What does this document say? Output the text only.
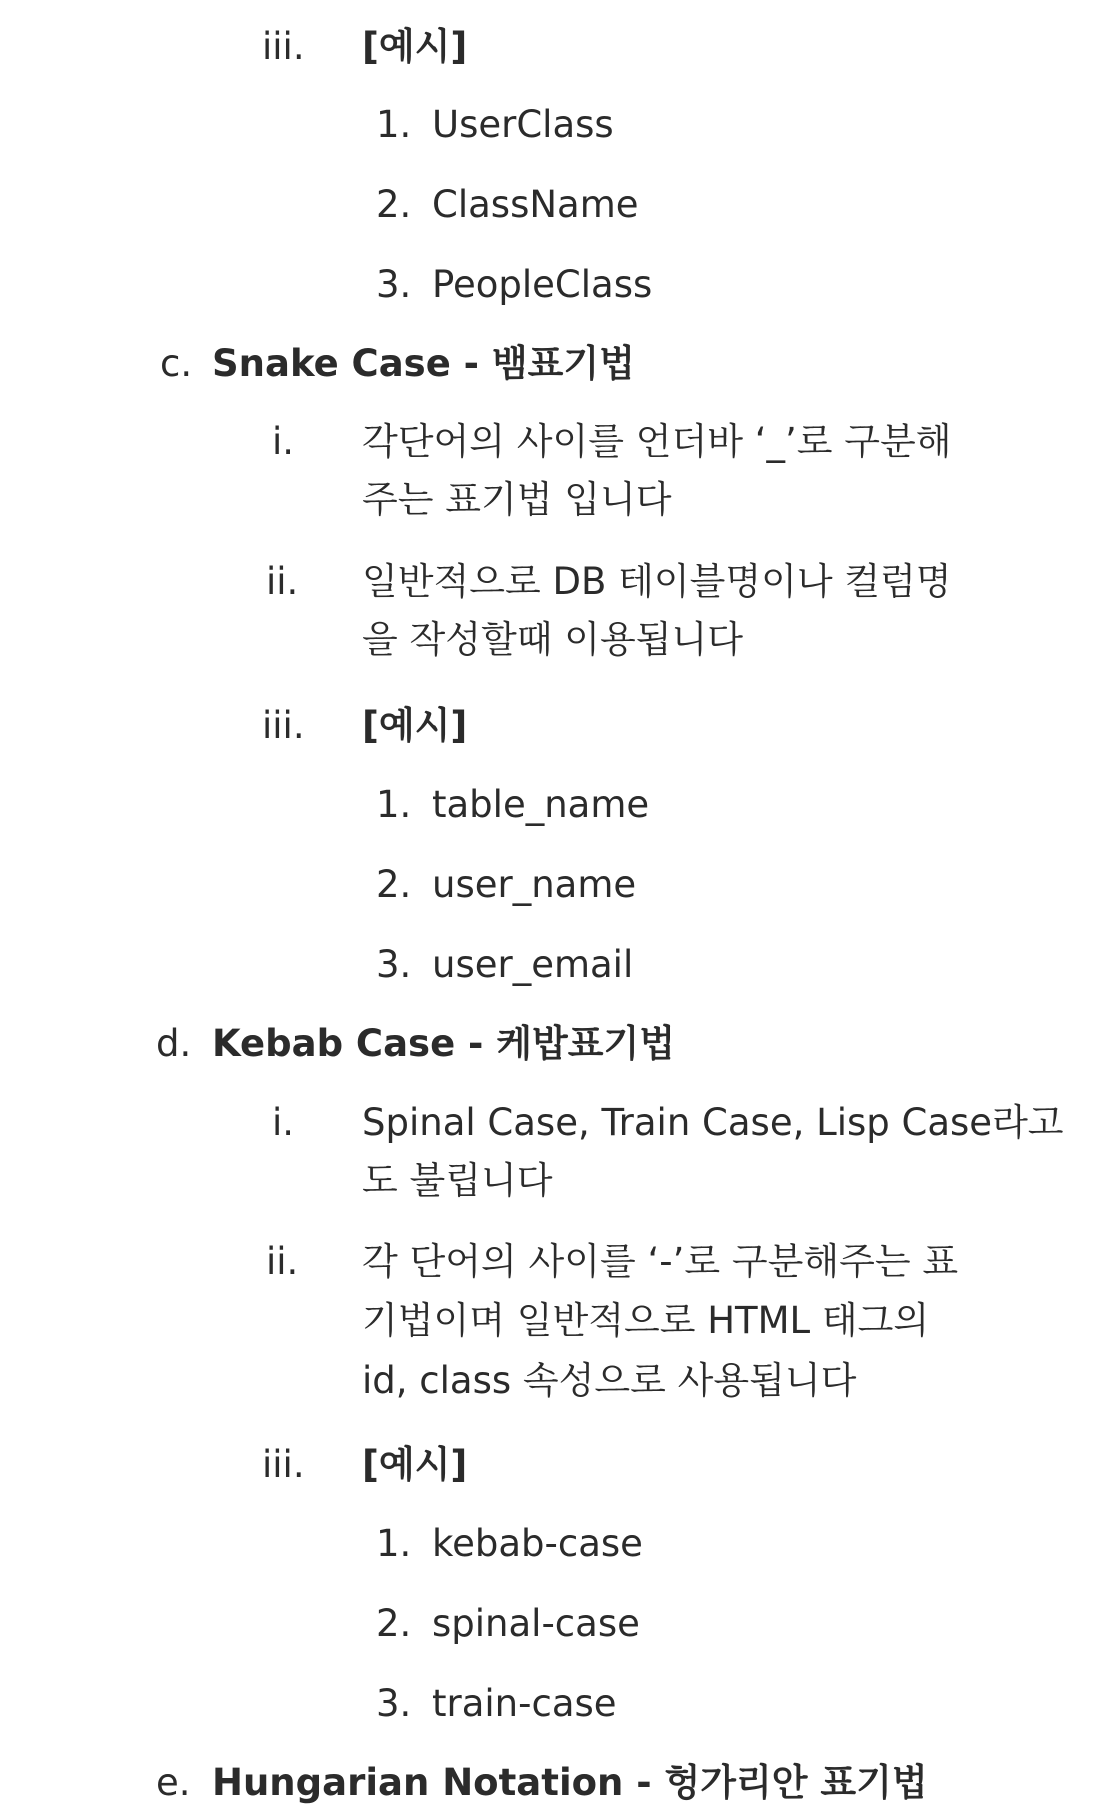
iii. [예시]
1. UserClass
2. ClassName
3. PeopleClass
c. Snake Case - 뱀표기법
i. 각단어의 사이를 언더바 ‘_’로 구분해
주는 표기법 입니다
ii. 일반적으로 DB 테이블명이나 컬럼명
을 작성할때 이용됩니다
iii. [예시]
1. table_name
2. user_name
3. user_email
d. Kebab Case - 케밥표기법
i. Spinal Case, Train Case, Lisp Case라고
도 불립니다
ii. 각 단어의 사이를 ‘-’로 구분해주는 표
기법이며 일반적으로 HTML 태그의
id, class 속성으로 사용됩니다
iii. [예시]
1. kebab-case
2. spinal-case
3. train-case
e. Hungarian Notation - 헝가리안 표기법
